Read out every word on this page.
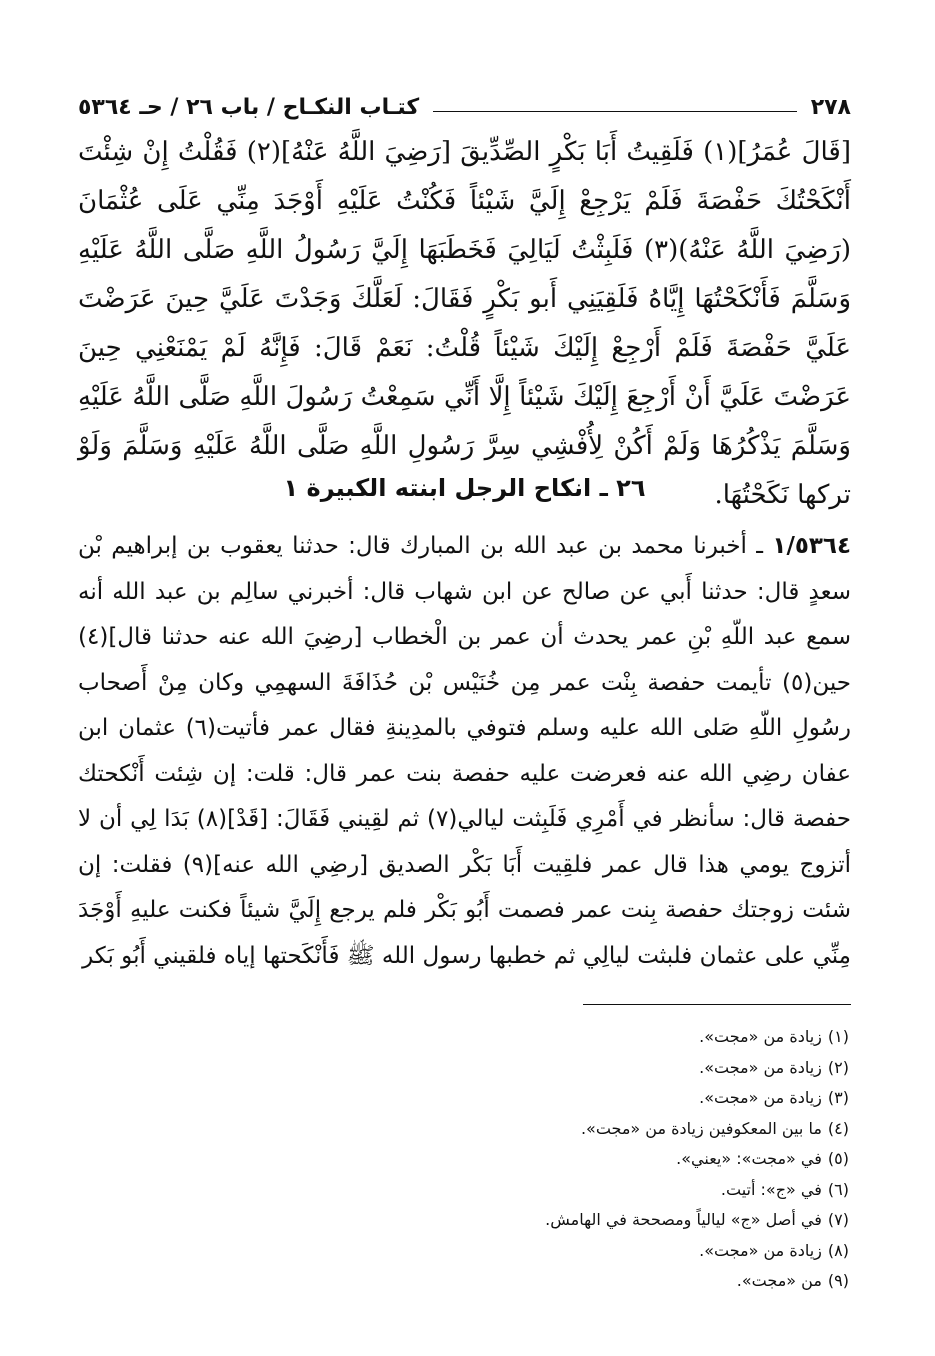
٢٧٨
كتـاب النكـاح / باب ٢٦ / حـ ٥٣٦٤

[قَالَ عُمَرُ](١) فَلَقِيتُ أَبَا بَكْرٍ الصِّدِّيقَ [رَضِيَ اللَّهُ عَنْهُ](٢) فَقُلْتُ إِنْ شِئْتَ أَنْكَحْتُكَ حَفْصَةَ فَلَمْ يَرْجِعْ إِلَيَّ شَيْئاً فَكُنْتُ عَلَيْهِ أَوْجَدَ مِنِّي عَلَى عُثْمَانَ (رَضِيَ اللَّهُ عَنْهُ)(٣) فَلَبِثْتُ لَيَالِيَ فَخَطَبَهَا إِلَيَّ رَسُولُ اللَّهِ صَلَّى اللَّهُ عَلَيْهِ وَسَلَّمَ فَأَنْكَحْتُهَا إِيَّاهُ فَلَقِيَنِي أَبو بَكْرٍ فَقَالَ: لَعَلَّكَ وَجَدْتَ عَلَيَّ حِينَ عَرَضْتَ عَلَيَّ حَفْصَةَ فَلَمْ أَرْجِعْ إِلَيْكَ شَيْئاً قُلْتُ: نَعَمْ قَالَ: فَإِنَّهُ لَمْ يَمْنَعْنِي حِينَ عَرَضْتَ عَلَيَّ أَنْ أَرْجِعَ إِلَيْكَ شَيْئاً إِلَّا أَنِّي سَمِعْتُ رَسُولَ اللَّهِ صَلَّى اللَّهُ عَلَيْهِ وَسَلَّمَ يَذْكُرُهَا وَلَمْ أَكُنْ لِأُفْشِي سِرَّ رَسُولِ اللَّهِ صَلَّى اللَّهُ عَلَيْهِ وَسَلَّمَ وَلَوْ تركها نَكَحْتُهَا.

٢٦ ـ انكاح الرجل ابنته الكبيرة ١

١/٥٣٦٤ ـ أخبرنا محمد بن عبد الله بن المبارك قال: حدثنا يعقوب بن إبراهيم بْن سعدٍ قال: حدثنا أَبي عن صالح عن ابن شهاب قال: أخبرني سالِم بن عبد الله أنه سمع عبد اللّهِ بْنِ عمر يحدث أن عمر بن الْخطاب [رضِيَ الله عنه حدثنا قال](٤) حين(٥) تأيمت حفصة بِنْت عمر مِن خُنَيْس بْن حُذَافَةَ السهمِي وكان مِنْ أَصحاب رسُولِ اللّهِ صَلى الله عليه وسلم فتوفي بالمدِينةِ فقال عمر فأتيت(٦) عثمان ابن عفان رضِي الله عنه فعرضت عليه حفصة بنت عمر قال: قلت: إن شِئت أَنْكحتك حفصة قال: سأنظر في أَمْرِي فَلَبِثت ليالي(٧) ثم لقِيني فَقَالَ: [قَدْ](٨) بَدَا لِي أن لا أتزوج يومي هذا قال عمر فلقِيت أَبَا بَكْر الصديق [رضِي الله عنه](٩) فقلت: إن شئت زوجتك حفصة بِنت عمر فصمت أَبُو بَكْر فلم يرجع إِلَيَّ شيئاً فكنت عليهِ أَوْجَدَ مِنِّي على عثمان فلبثت ليالِي ثم خطبها رسول الله ﷺ فَأَنْكَحتها إياه فلقيني أَبُو بَكر

(١)زيادة من «مجت».
(٢)زيادة من «مجت».
(٣)زيادة من «مجت».
(٤)ما بين المعكوفين زيادة من «مجت».
(٥)في «مجت»: «يعني».
(٦)في «ج»: أتيت.
(٧)في أصل «ج» ليالياً ومصححة في الهامش.
(٨)زيادة من «مجت».
(٩)من «مجت».
